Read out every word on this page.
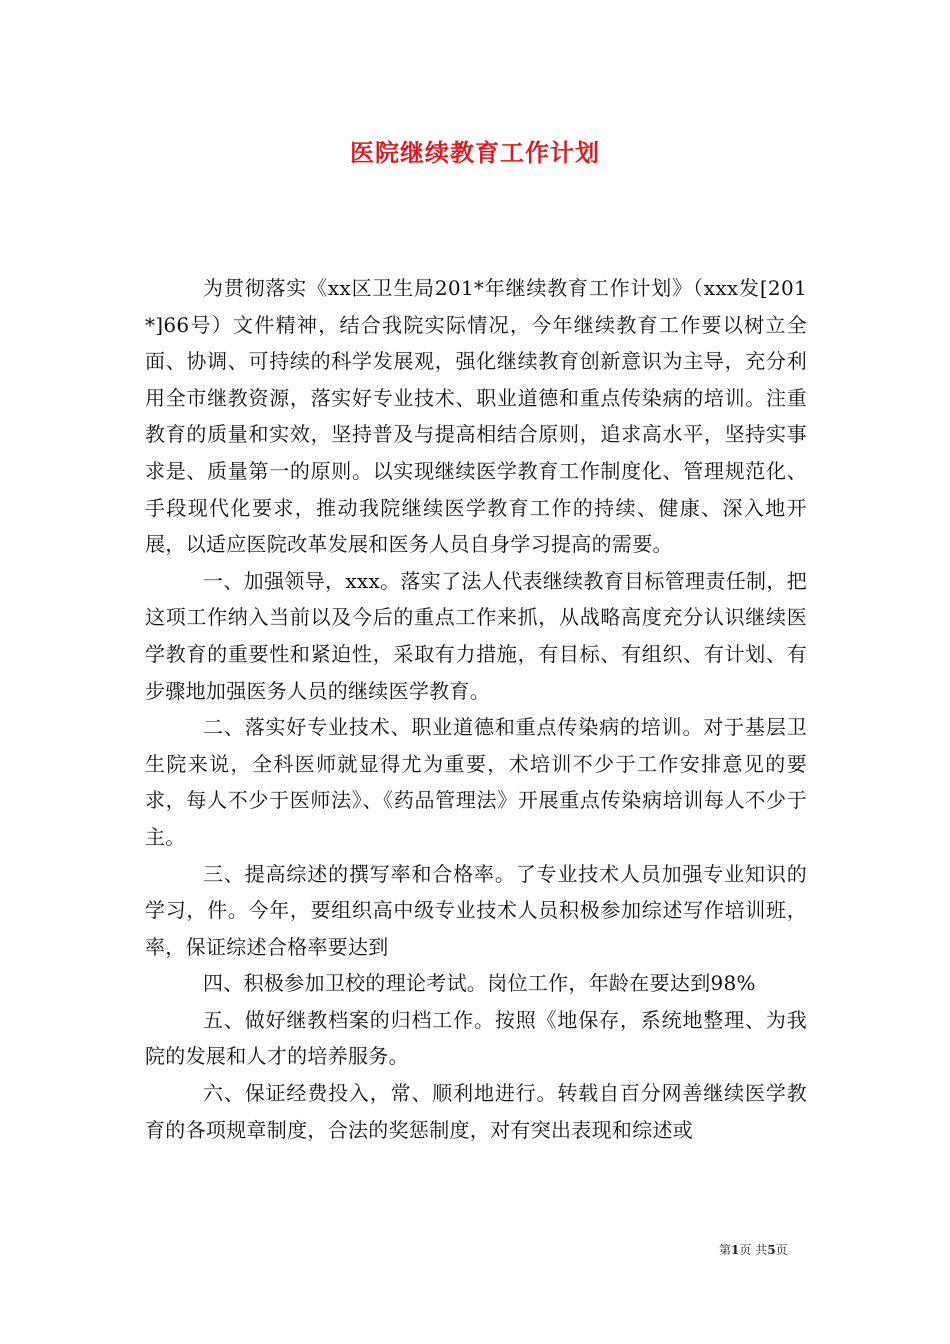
医院继续教育工作计划

为贯彻落实《xx区卫生局201*年继续教育工作计划》（xxx发[201*]66号）文件精神，结合我院实际情况，今年继续教育工作要以树立全面、协调、可持续的科学发展观，强化继续教育创新意识为主导，充分利用全市继教资源，落实好专业技术、职业道德和重点传染病的培训。注重教育的质量和实效，坚持普及与提高相结合原则，追求高水平，坚持实事求是、质量第一的原则。以实现继续医学教育工作制度化、管理规范化、手段现代化要求，推动我院继续医学教育工作的持续、健康、深入地开展，以适应医院改革发展和医务人员自身学习提高的需要。

一、加强领导，xxx。落实了法人代表继续教育目标管理责任制，把这项工作纳入当前以及今后的重点工作来抓，从战略高度充分认识继续医学教育的重要性和紧迫性，采取有力措施，有目标、有组织、有计划、有步骤地加强医务人员的继续医学教育。

二、落实好专业技术、职业道德和重点传染病的培训。对于基层卫生院来说，全科医师就显得尤为重要，术培训不少于工作安排意见的要求，每人不少于医师法》、《药品管理法》开展重点传染病培训每人不少于主。

三、提高综述的撰写率和合格率。了专业技术人员加强专业知识的学习，件。今年，要组织高中级专业技术人员积极参加综述写作培训班，率，保证综述合格率要达到

四、积极参加卫校的理论考试。岗位工作，年龄在要达到98%

五、做好继教档案的归档工作。按照《地保存，系统地整理、为我院的发展和人才的培养服务。

六、保证经费投入，常、顺利地进行。转载自百分网善继续医学教育的各项规章制度，合法的奖惩制度，对有突出表现和综述或

第1页 共5页
